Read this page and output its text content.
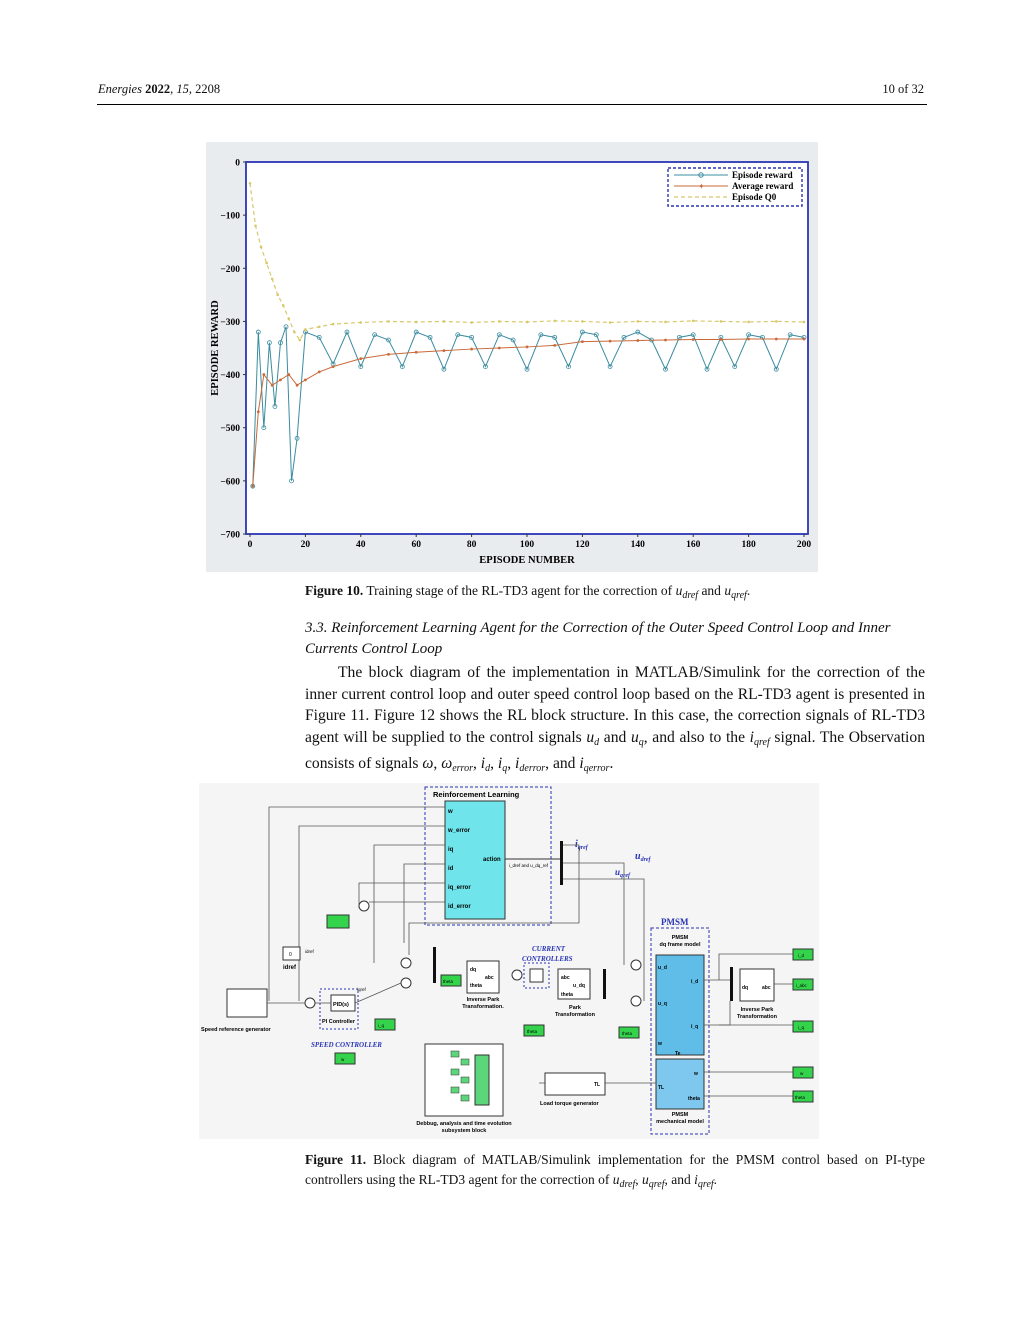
Energies 2022, 15, 2208	10 of 32
0
−100
−200
−300
−400
−500
−600
−700
0	20	40	60	80	100	120	140	160	180	200
EPISODE REWARD
EPISODE NUMBER
Episode reward
✦	Average reward
Episode Q0
Figure 10. Training stage of the RL-TD3 agent for the correction of $u_{dref}$ and $u_{qref}$.
3.3. Reinforcement Learning Agent for the Correction of the Outer Speed Control Loop and Inner Currents Control Loop
The block diagram of the implementation in MATLAB/Simulink for the correction of the inner current control loop and outer speed control loop based on the RL-TD3 agent is presented in Figure 11. Figure 12 shows the RL block structure. In this case, the correction signals of RL-TD3 agent will be supplied to the control signals $u_d$ and $u_q$, and also to the $i_{qref}$ signal. The Observation consists of signals ω, $\omega_{error}$, $i_d$, $i_q$, $i_{derror}$, and $i_{qerror}$.
Reinforcement Learning
w
w_error
iq
id
iq_error
id_error
action
i_dref and u_dq_ref
$i_{qref}$
$u_{dref}$
$u_{qref}$
PMSM
PMSM dq frame model
u_d
u_q
w
i_d
i_q
Te
TL
w
theta
PMSM mechanical model
CURRENT CONTROLLERS
abc
u_dq
theta
Park Transformation
dq
abc
theta
Inverse Park Transformation.
theta
0
idref
idref
PID(s)
PI Controller
iqref
SPEED CONTROLLER
Speed reference generator
i_q
w
theta	theta
i_d
i_abc
i_q
w
theta
dq	abc
Inverse Park Transformation
TL
Load torque generator
Debbug, analysis and time evolution subsystem block
Figure 11. Block diagram of MATLAB/Simulink implementation for the PMSM control based on PI-type controllers using the RL-TD3 agent for the correction of $u_{dref}$, $u_{qref}$, and $i_{qref}$.
